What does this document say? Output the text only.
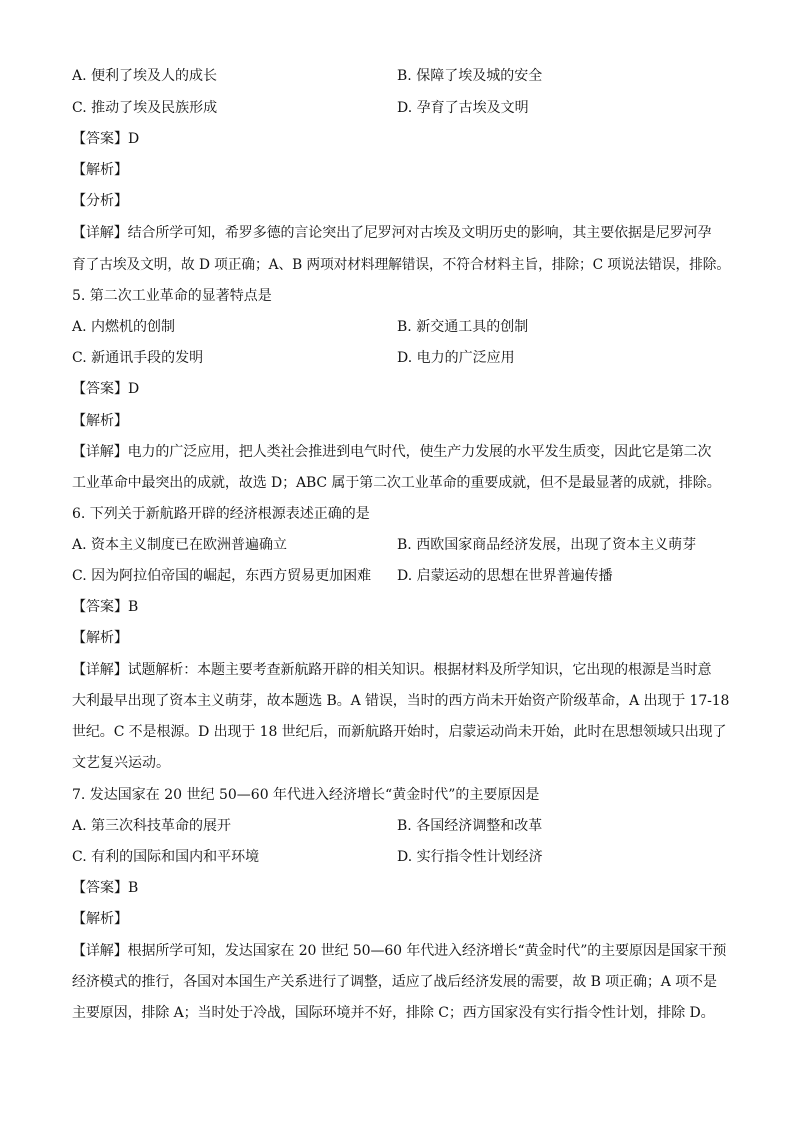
A. 便利了埃及人的成长	B. 保障了埃及城的安全
C. 推动了埃及民族形成	D. 孕育了古埃及文明
【答案】D
【解析】
【分析】
【详解】结合所学可知，希罗多德的言论突出了尼罗河对古埃及文明历史的影响，其主要依据是尼罗河孕
育了古埃及文明，故 D 项正确；A、B 两项对材料理解错误，不符合材料主旨，排除；C 项说法错误，排除。
5. 第二次工业革命的显著特点是
A. 内燃机的创制	B. 新交通工具的创制
C. 新通讯手段的发明	D. 电力的广泛应用
【答案】D
【解析】
【详解】电力的广泛应用，把人类社会推进到电气时代，使生产力发展的水平发生质变，因此它是第二次
工业革命中最突出的成就，故选 D；ABC 属于第二次工业革命的重要成就，但不是最显著的成就，排除。
6. 下列关于新航路开辟的经济根源表述正确的是
A. 资本主义制度已在欧洲普遍确立	B. 西欧国家商品经济发展，出现了资本主义萌芽
C. 因为阿拉伯帝国的崛起，东西方贸易更加困难 D. 启蒙运动的思想在世界普遍传播
【答案】B
【解析】
【详解】试题解析：本题主要考查新航路开辟的相关知识。根据材料及所学知识，它出现的根源是当时意
大利最早出现了资本主义萌芽，故本题选 B。A 错误，当时的西方尚未开始资产阶级革命，A 出现于 17-18
世纪。C 不是根源。D 出现于 18 世纪后，而新航路开始时，启蒙运动尚未开始，此时在思想领域只出现了
文艺复兴运动。
7. 发达国家在 20 世纪 50—60 年代进入经济增长“黄金时代”的主要原因是
A. 第三次科技革命的展开	B. 各国经济调整和改革
C. 有利的国际和国内和平环境	D. 实行指令性计划经济
【答案】B
【解析】
【详解】根据所学可知，发达国家在 20 世纪 50—60 年代进入经济增长“黄金时代”的主要原因是国家干预
经济模式的推行，各国对本国生产关系进行了调整，适应了战后经济发展的需要，故 B 项正确；A 项不是
主要原因，排除 A；当时处于冷战，国际环境并不好，排除 C；西方国家没有实行指令性计划，排除 D。
